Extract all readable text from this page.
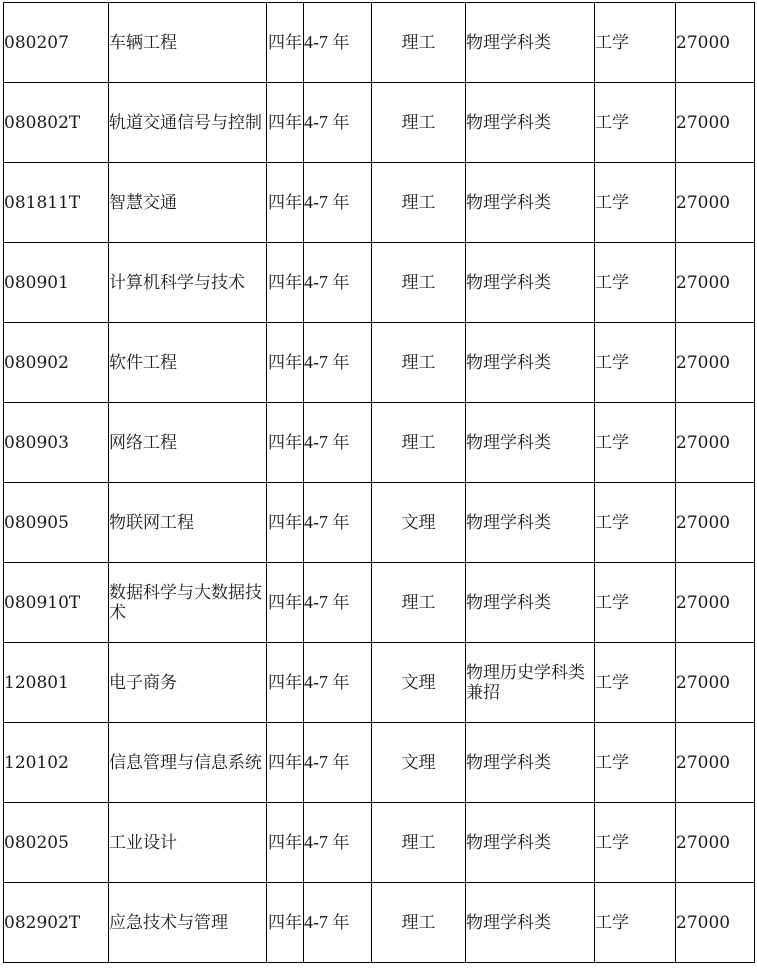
080207	车辆工程	四年	4-7 年	理工	物理学科类	工学	27000
080802T	轨道交通信号与控制	四年	4-7 年	理工	物理学科类	工学	27000
081811T	智慧交通	四年	4-7 年	理工	物理学科类	工学	27000
080901	计算机科学与技术	四年	4-7 年	理工	物理学科类	工学	27000
080902	软件工程	四年	4-7 年	理工	物理学科类	工学	27000
080903	网络工程	四年	4-7 年	理工	物理学科类	工学	27000
080905	物联网工程	四年	4-7 年	文理	物理学科类	工学	27000
080910T	数据科学与大数据技术	四年	4-7 年	理工	物理学科类	工学	27000
120801	电子商务	四年	4-7 年	文理	物理历史学科类兼招	工学	27000
120102	信息管理与信息系统	四年	4-7 年	文理	物理学科类	工学	27000
080205	工业设计	四年	4-7 年	理工	物理学科类	工学	27000
082902T	应急技术与管理	四年	4-7 年	理工	物理学科类	工学	27000
